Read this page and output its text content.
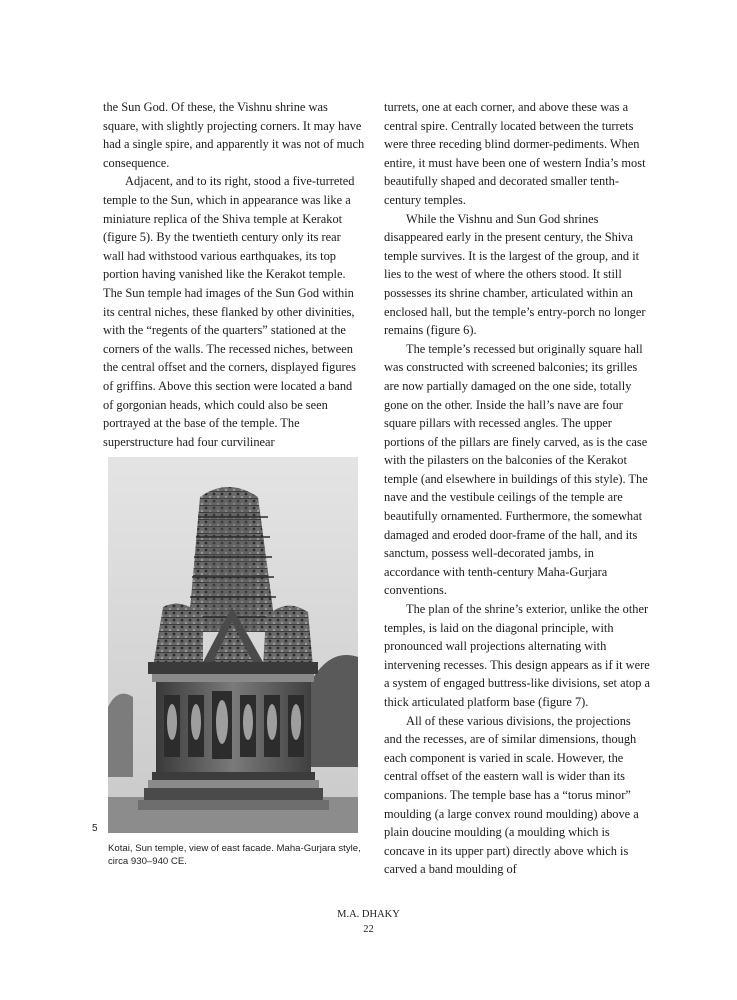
the Sun God. Of these, the Vishnu shrine was square, with slightly projecting corners. It may have had a single spire, and apparently it was not of much consequence.

Adjacent, and to its right, stood a five-turreted temple to the Sun, which in appearance was like a miniature replica of the Shiva temple at Kerakot (figure 5). By the twentieth century only its rear wall had withstood various earthquakes, its top portion having vanished like the Kerakot temple. The Sun temple had images of the Sun God within its central niches, these flanked by other divinities, with the “regents of the quarters” stationed at the corners of the walls. The recessed niches, between the central offset and the corners, displayed figures of griffins. Above this section were located a band of gorgonian heads, which could also be seen portrayed at the base of the temple. The superstructure had four curvilinear

turrets, one at each corner, and above these was a central spire. Centrally located between the turrets were three receding blind dormer-pediments. When entire, it must have been one of western India’s most beautifully shaped and decorated smaller tenth-century temples.

While the Vishnu and Sun God shrines disappeared early in the present century, the Shiva temple survives. It is the largest of the group, and it lies to the west of where the others stood. It still possesses its shrine chamber, articulated within an enclosed hall, but the temple’s entry-porch no longer remains (figure 6).

The temple’s recessed but originally square hall was constructed with screened balconies; its grilles are now partially damaged on the one side, totally gone on the other. Inside the hall’s nave are four square pillars with recessed angles. The upper portions of the pillars are finely carved, as is the case with the pilasters on the balconies of the Kerakot temple (and elsewhere in buildings of this style). The nave and the vestibule ceilings of the temple are beautifully ornamented. Furthermore, the somewhat damaged and eroded door-frame of the hall, and its sanctum, possess well-decorated jambs, in accordance with tenth-century Maha-Gurjara conventions.

The plan of the shrine’s exterior, unlike the other temples, is laid on the diagonal principle, with pronounced wall projections alternating with intervening recesses. This design appears as if it were a system of engaged buttress-like divisions, set atop a thick articulated platform base (figure 7).

All of these various divisions, the projections and the recesses, are of similar dimensions, though each component is varied in scale. However, the central offset of the eastern wall is wider than its companions. The temple base has a “torus minor” moulding (a large convex round moulding) above a plain doucine moulding (a moulding which is concave in its upper part) directly above which is carved a band moulding of

5
Kotai, Sun temple, view of east facade. Maha-Gurjara style, circa 930–940 CE.
M.A. DHAKY
22
